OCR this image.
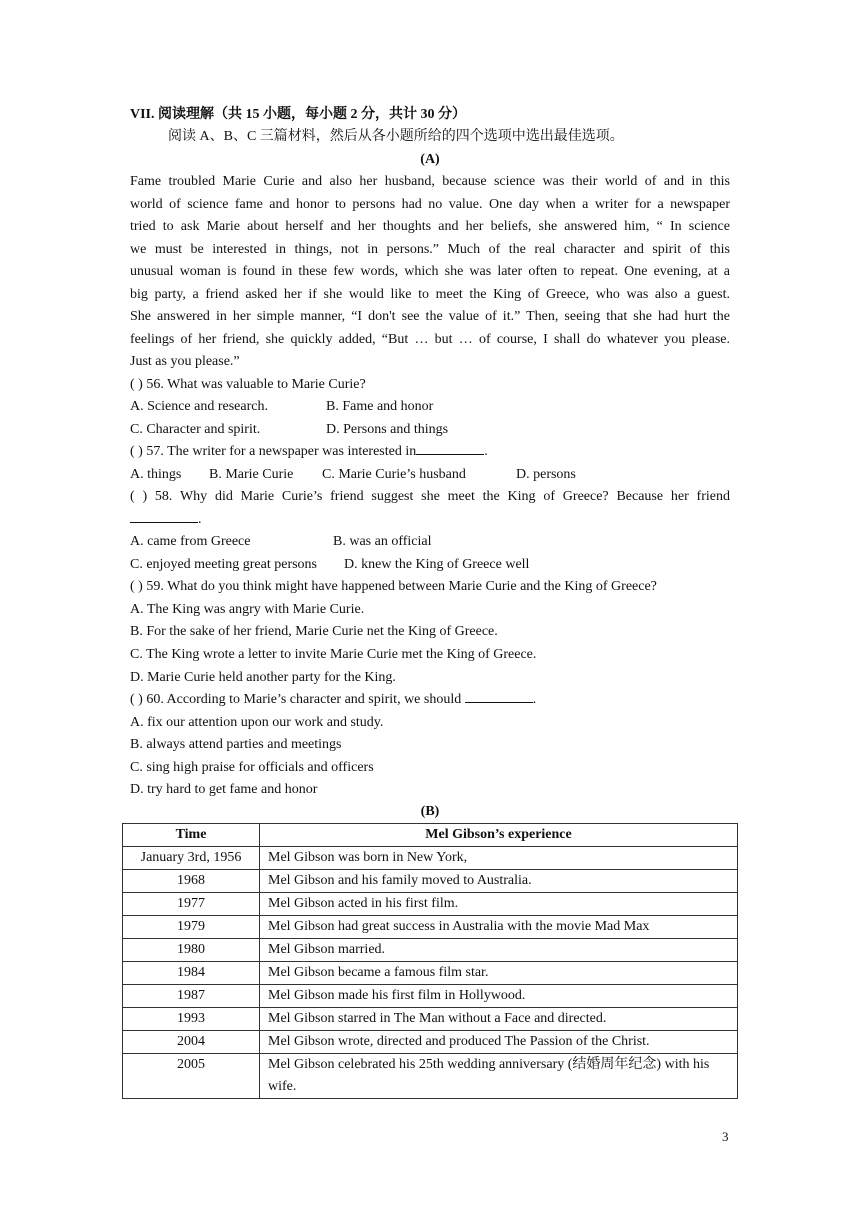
VII. 阅读理解（共 15 小题，每小题 2 分，共计 30 分）
阅读 A、B、C 三篇材料，然后从各小题所给的四个选项中选出最佳选项。
(A)
Fame troubled Marie Curie and also her husband, because science was their world of and in this
world of science fame and honor to persons had no value. One day when a writer for a newspaper
tried to ask Marie about herself and her thoughts and her beliefs, she answered him, “ In science
we must be interested in things, not in persons.” Much of the real character and spirit of this
unusual woman is found in these few words, which she was later often to repeat. One evening, at a
big party, a friend asked her if she would like to meet the King of Greece, who was also a guest.
She answered in her simple manner, “I don't see the value of it.” Then, seeing that she had hurt the
feelings of her friend, she quickly added, “But … but … of course, I shall do whatever you please.
Just as you please.”
( ) 56. What was valuable to Marie Curie?
A. Science and research.	B. Fame and honor
C. Character and spirit.	D. Persons and things
( ) 57. The writer for a newspaper was interested in	.
A. things B. Marie Curie C. Marie Curie’s husband	D. persons
( ) 58. Why did Marie Curie’s friend suggest she meet the King of Greece? Because her friend
.
A. came from Greece	B. was an official
C. enjoyed meeting great persons D. knew the King of Greece well
( ) 59. What do you think might have happened between Marie Curie and the King of Greece?
A. The King was angry with Marie Curie.
B. For the sake of her friend, Marie Curie net the King of Greece.
C. The King wrote a letter to invite Marie Curie met the King of Greece.
D. Marie Curie held another party for the King.
( ) 60. According to Marie’s character and spirit, we should	.
A. fix our attention upon our work and study.
B. always attend parties and meetings
C. sing high praise for officials and officers
D. try hard to get fame and honor
(B)
Time	Mel Gibson’s experience
January 3rd, 1956	Mel Gibson was born in New York,
1968	Mel Gibson and his family moved to Australia.
1977	Mel Gibson acted in his first film.
1979	Mel Gibson had great success in Australia with the movie Mad Max
1980	Mel Gibson married.
1984	Mel Gibson became a famous film star.
1987	Mel Gibson made his first film in Hollywood.
1993	Mel Gibson starred in The Man without a Face and directed.
2004	Mel Gibson wrote, directed and produced The Passion of the Christ.
2005	Mel Gibson celebrated his 25th wedding anniversary (结婚周年纪念) with his wife.
3
